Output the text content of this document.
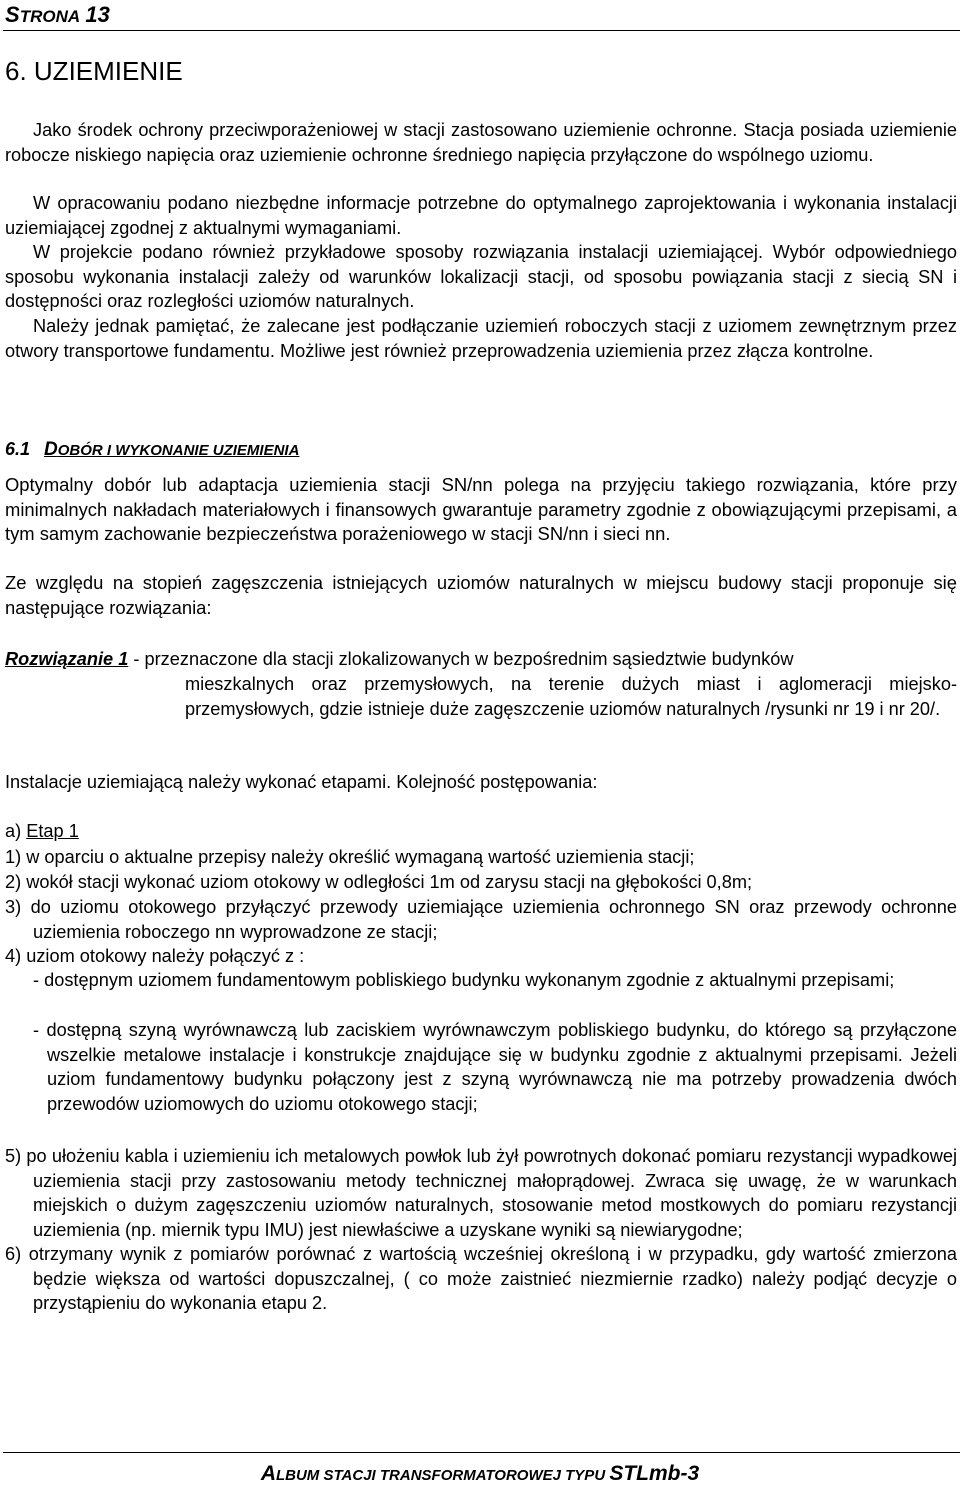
STRONA 13
6. UZIEMIENIE
Jako środek ochrony przeciwporażeniowej w stacji zastosowano uziemienie ochronne. Stacja posiada uziemienie robocze niskiego napięcia oraz uziemienie ochronne średniego napięcia przyłączone do wspólnego uziomu.
W opracowaniu podano niezbędne informacje potrzebne do optymalnego zaprojektowania i wykonania instalacji uziemiającej zgodnej z aktualnymi wymaganiami.
W projekcie podano również przykładowe sposoby rozwiązania instalacji uziemiającej. Wybór odpowiedniego sposobu wykonania instalacji zależy od warunków lokalizacji stacji, od sposobu powiązania stacji z siecią SN i dostępności oraz rozległości uziomów naturalnych.
Należy jednak pamiętać, że zalecane jest podłączanie uziemień roboczych stacji z uziomem zewnętrznym przez otwory transportowe fundamentu. Możliwe jest również przeprowadzenia uziemienia przez złącza kontrolne.
6.1 DOBÓR I WYKONANIE UZIEMIENIA
Optymalny dobór lub adaptacja uziemienia stacji SN/nn polega na przyjęciu takiego rozwiązania, które przy minimalnych nakładach materiałowych i finansowych gwarantuje parametry zgodnie z obowiązującymi przepisami, a tym samym zachowanie bezpieczeństwa porażeniowego w stacji SN/nn i sieci nn.
Ze względu na stopień zagęszczenia istniejących uziomów naturalnych w miejscu budowy stacji proponuje się następujące rozwiązania:
Rozwiązanie 1 - przeznaczone dla stacji zlokalizowanych w bezpośrednim sąsiedztwie budynków
mieszkalnych oraz przemysłowych, na terenie dużych miast i aglomeracji miejsko-przemysłowych, gdzie istnieje duże zagęszczenie uziomów naturalnych /rysunki nr 19 i nr 20/.
Instalacje uziemiającą należy wykonać etapami. Kolejność postępowania:
a) Etap 1
1) w oparciu o aktualne przepisy należy określić wymaganą wartość uziemienia stacji;
2) wokół stacji wykonać uziom otokowy w odległości 1m od zarysu stacji na głębokości 0,8m;
3) do uziomu otokowego przyłączyć przewody uziemiające uziemienia ochronnego SN oraz przewody ochronne uziemienia roboczego nn wyprowadzone ze stacji;
4) uziom otokowy należy połączyć z :
- dostępnym uziomem fundamentowym pobliskiego budynku wykonanym zgodnie z aktualnymi przepisami;
- dostępną szyną wyrównawczą lub zaciskiem wyrównawczym pobliskiego budynku, do którego są przyłączone wszelkie metalowe instalacje i konstrukcje znajdujące się w budynku zgodnie z aktualnymi przepisami. Jeżeli uziom fundamentowy budynku połączony jest z szyną wyrównawczą nie ma potrzeby prowadzenia dwóch przewodów uziomowych do uziomu otokowego stacji;
5) po ułożeniu kabla i uziemieniu ich metalowych powłok lub żył powrotnych dokonać pomiaru rezystancji wypadkowej uziemienia stacji przy zastosowaniu metody technicznej małoprądowej. Zwraca się uwagę, że w warunkach miejskich o dużym zagęszczeniu uziomów naturalnych, stosowanie metod mostkowych do pomiaru rezystancji uziemienia (np. miernik typu IMU) jest niewłaściwe a uzyskane wyniki są niewiarygodne;
6) otrzymany wynik z pomiarów porównać z wartością wcześniej określoną i w przypadku, gdy wartość zmierzona będzie większa od wartości dopuszczalnej, ( co może zaistnieć niezmiernie rzadko) należy podjąć decyzje o przystąpieniu do wykonania etapu 2.
ALBUM STACJI TRANSFORMATOROWEJ TYPU STLmb-3
